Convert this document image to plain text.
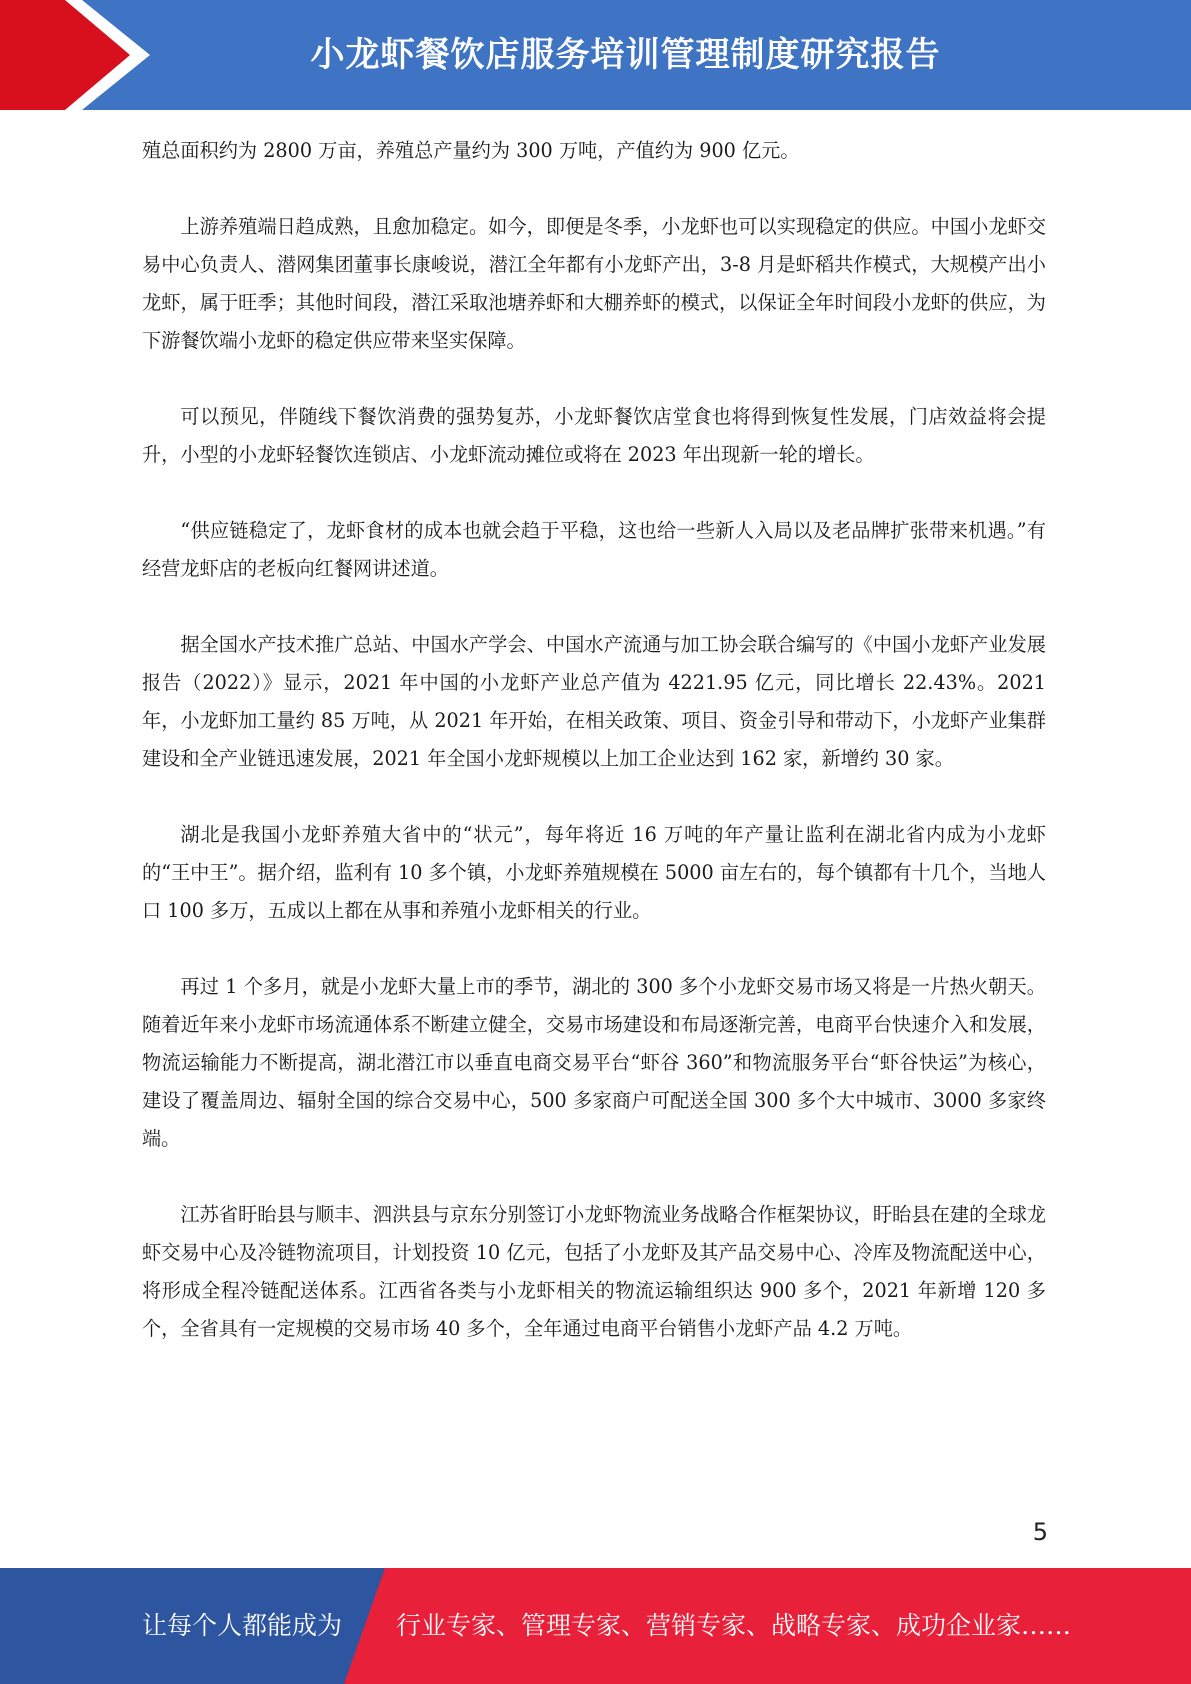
小龙虾餐饮店服务培训管理制度研究报告

殖总面积约为 2800 万亩，养殖总产量约为 300 万吨，产值约为 900 亿元。

上游养殖端日趋成熟，且愈加稳定。如今，即便是冬季，小龙虾也可以实现稳定的供应。中国小龙虾交易中心负责人、潜网集团董事长康峻说，潜江全年都有小龙虾产出，3-8 月是虾稻共作模式，大规模产出小龙虾，属于旺季；其他时间段，潜江采取池塘养虾和大棚养虾的模式，以保证全年时间段小龙虾的供应，为下游餐饮端小龙虾的稳定供应带来坚实保障。

可以预见，伴随线下餐饮消费的强势复苏，小龙虾餐饮店堂食也将得到恢复性发展，门店效益将会提升，小型的小龙虾轻餐饮连锁店、小龙虾流动摊位或将在 2023 年出现新一轮的增长。

“供应链稳定了，龙虾食材的成本也就会趋于平稳，这也给一些新人入局以及老品牌扩张带来机遇。”有经营龙虾店的老板向红餐网讲述道。

据全国水产技术推广总站、中国水产学会、中国水产流通与加工协会联合编写的《中国小龙虾产业发展报告（2022）》显示，2021 年中国的小龙虾产业总产值为 4221.95 亿元，同比增长 22.43%。2021 年，小龙虾加工量约 85 万吨，从 2021 年开始，在相关政策、项目、资金引导和带动下，小龙虾产业集群建设和全产业链迅速发展，2021 年全国小龙虾规模以上加工企业达到 162 家，新增约 30 家。

湖北是我国小龙虾养殖大省中的“状元”，每年将近 16 万吨的年产量让监利在湖北省内成为小龙虾的“王中王”。据介绍，监利有 10 多个镇，小龙虾养殖规模在 5000 亩左右的，每个镇都有十几个，当地人口 100 多万，五成以上都在从事和养殖小龙虾相关的行业。

再过 1 个多月，就是小龙虾大量上市的季节，湖北的 300 多个小龙虾交易市场又将是一片热火朝天。随着近年来小龙虾市场流通体系不断建立健全，交易市场建设和布局逐渐完善，电商平台快速介入和发展，物流运输能力不断提高，湖北潜江市以垂直电商交易平台“虾谷 360”和物流服务平台“虾谷快运”为核心，建设了覆盖周边、辐射全国的综合交易中心，500 多家商户可配送全国 300 多个大中城市、3000 多家终端。

江苏省盱眙县与顺丰、泗洪县与京东分别签订小龙虾物流业务战略合作框架协议，盱眙县在建的全球龙虾交易中心及冷链物流项目，计划投资 10 亿元，包括了小龙虾及其产品交易中心、冷库及物流配送中心，将形成全程冷链配送体系。江西省各类与小龙虾相关的物流运输组织达 900 多个，2021 年新增 120 多个，全省具有一定规模的交易市场 40 多个，全年通过电商平台销售小龙虾产品 4.2 万吨。

5
让每个人都能成为 行业专家、管理专家、营销专家、战略专家、成功企业家……
